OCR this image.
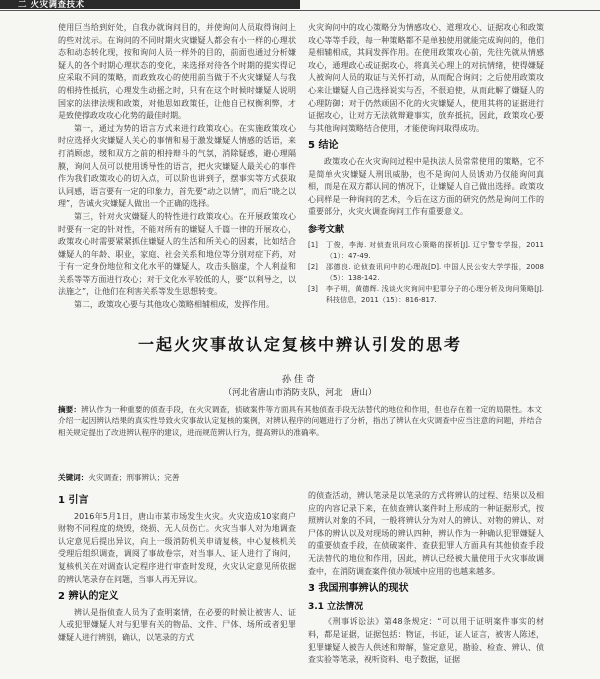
二 火灾调查技术

使用巨当给到好处，自我办就询问目的，并使询问人员取得询问上的些对沈示。在询问的不同时期火灾嫌疑人都会有小一样的心理状态和动态转化现，按和询问人员一样外的目的，前面也通过分析嫌疑人的各个时期心理状态的变化，来选择对待各个时期的提实得记应采取不同的策略，而政致攻心的使用前当做于不火灾嫌疑人与我的相持性抵抗，心理发生动摇之时，只有在这个时候时嫌疑人说明国家的法律法规和政策，对他思如政策任，让他自已权衡利弊，才是致使撑政攻攻心化势的最佳时期。

第一，通过为势的语言方式来进行政策攻心。在实施政策攻心时应选择火灾嫌疑人关心的事情和易于激发嫌疑人情感的话语，来打消顾虑，缓和双方之前的相持辩斗的气氛，消除疑惑，避心理隔膜，询问人员可以使用诱导性的语言，把火灾嫌疑人最关心的事件作为我们政策攻心的切入点，可以阶也讲到子，摆事实等方式获取认同感，语言要有一定的印象力，首先要“动之以情”，而后“晓之以理”，告诚火灾嫌疑人做出一个正确的选择。

第三，针对火灾嫌疑人的特性进行政策攻心。在开展政策攻心时要有一定的针对性，不能对所有的嫌疑人千篇一律的开展攻心，政策攻心时需要紧紧抓住嫌疑人的生活和所关心的因素，比如结合嫌疑人的年龄、职业，家庭、社会关系和地位等分别对症下药，对于有一定身份地位和文化水平的嫌疑人，攻击头脑虚，个人利益和关系等等方面进行攻心；对于文化水平较低的人，要“以利导之，以法施之”，让他们在利害关系等发生思想转变。

第二，政策攻心要与其他攻心策略相辅相成，发挥作用。

火灾询问中的攻心策略分为情感攻心、道理攻心、证据攻心和政策攻心等等手段，每一种策略都不是单独使用就能完成询问的，他们是相辅相成，其间发挥作用。在使用政策攻心前，先往先就从情感攻心，通理政心或证据攻心，将真关心理上的对抗情绪，使得嫌疑人被询问人员的取证与关怀打动，从而配合询问；之后使用政策攻心来让嫌疑人自己选择说实与否，不很迫使，从而此解了嫌疑人的心理防御；对于仍然顽固不化的火灾嫌疑人，使用其将的证据进行证据攻心，让对方无法就辩避事实，放弃抵抗，因此，政策攻心要与其他询问策略结合使用，才能使询问取得成功。

5 结论

政策攻心在火灾询问过程中是执法人员常常使用的策略，它不是简单火灾嫌疑人刑讯威胁，也不是询问人员诱劝乃仅能询问真相，而是在双方都认同的情况下，让嫌疑人自己做出选择。政策攻心同样是一种询问的艺术，今后在这方面的研究仍然是询问工作的重要部分，火灾火调查询问工作有重要意义。

参考文献
[1]	丁俊，李海. 对侦查讯问攻心策略的探析[J]. 辽宁警专学报，2011（1）：47-49.
[2]	邵德良. 论侦查讯问中的心理战[D]. 中国人民公安大学学报，2008（5）：138-142.
[3]	李子明，黄德辉. 浅谈火灾询问中犯罪分子的心理分析及询问策略[J]. 科技信息，2011（15）：816-817.
一起火灾事故认定复核中辨认引发的思考
孙佳奇
（河北省唐山市消防支队，河北　唐山）
摘要：辨认作为一种重要的侦查手段，在火灾调查，侦破案件等方面具有其他侦查手段无法替代的地位和作用，但也存在着一定的局限性。本文介绍一起因辨认结果的真实性导致火灾事故认定复核的案例，对辨认程序的问题进行了分析，指出了辨认在火灾调查中应当注意的问题，并结合相关规定提出了改进辨认程序的建议，进而规范辨认行为，提高辨认的准确率。
关键词：火灾调查；刑事辨认；完善
1 引言

2016年5月1日，唐山市某市场发生火灾。火灾造成10家商户财物不同程度的烧毁，烧损、无人员伤亡。火灾当事人对为地调查认定意见后提出异议，向上一级消防机关申请复核，中心复核机关受理后组织调查，调阅了事故卷宗，对当事人、证人进行了询问，复核机关在对调查认定程序进行审查时发现，火灾认定意见所依据的辨认笔录存在问题，当事人再无异议。

2 辨认的定义

辨认是指侦查人员为了查明案情，在必要的时候让被害人、证人或犯罪嫌疑人对与犯罪有关的物品、文件、尸体、场所或者犯罪嫌疑人进行辨别，确认，以笔录的方式

的侦查活动，辨认笔录是以笔录的方式将辨认的过程、结果以及相应的内容记录下来，在侦查辨认案件时上形成的一种证据形式，按照辨认对象的不同，一般将辨认分为对人的辨认、对物的辨认、对尸体的辨认以及对现场的辨认四种，辨认作为一种确认犯罪嫌疑人的重要侦查手段，在侦破案件、查获犯罪人方面具有其他侦查手段无法替代的地位和作用，因此，辨认已经被大量使用于火灾事故调查中，在消防调查案件侦办领域中应用的也越来越多。

3 我国刑事辨认的现状
3.1 立法情况

《刑事诉讼法》第48条规定：“可以用于证明案件事实的材料，都是证据，证据包括：物证，书证，证人证言，被害人陈述，犯罪嫌疑人被告人供述和辩解，鉴定意见，勘验、检查、辨认、侦查实验等笔录，视听资料、电子数据，证据
